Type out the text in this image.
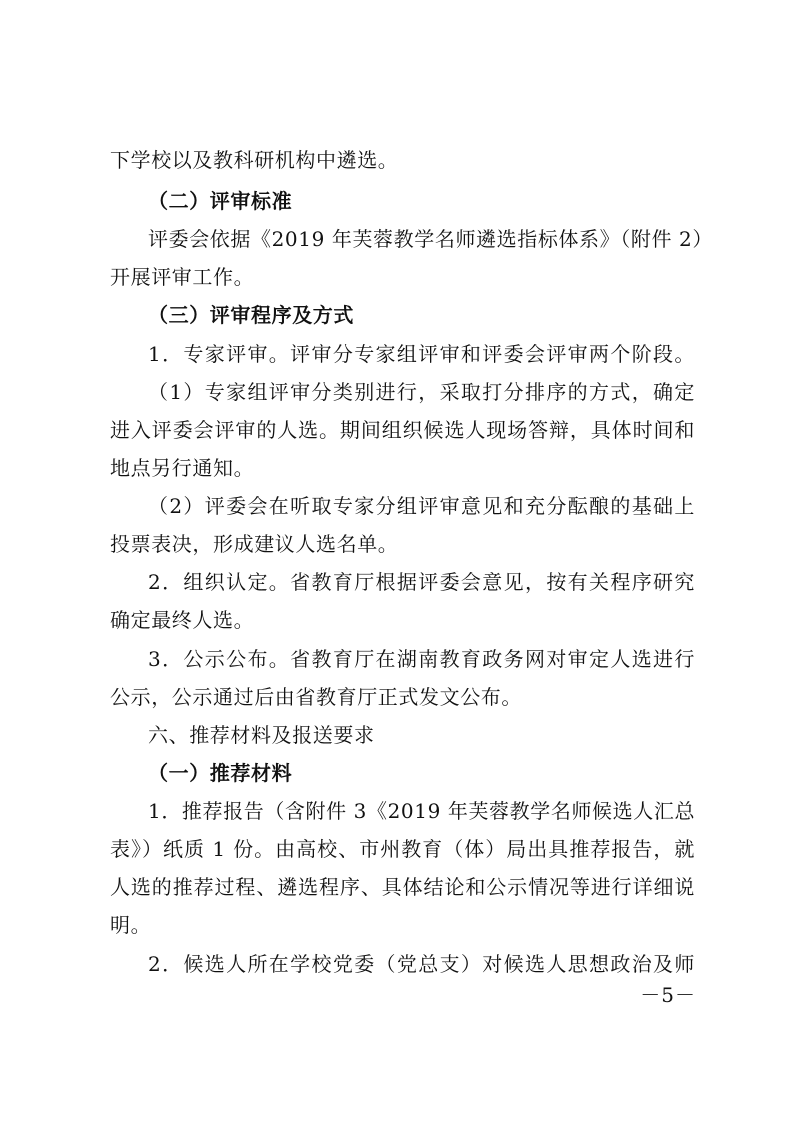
下学校以及教科研机构中遴选。
（二）评审标准
评委会依据《2019 年芙蓉教学名师遴选指标体系》（附件 2）
开展评审工作。
（三）评审程序及方式
1．专家评审。评审分专家组评审和评委会评审两个阶段。
（1）专家组评审分类别进行，采取打分排序的方式，确定
进入评委会评审的人选。期间组织候选人现场答辩，具体时间和
地点另行通知。
（2）评委会在听取专家分组评审意见和充分酝酿的基础上
投票表决，形成建议人选名单。
2．组织认定。省教育厅根据评委会意见，按有关程序研究
确定最终人选。
3．公示公布。省教育厅在湖南教育政务网对审定人选进行
公示，公示通过后由省教育厅正式发文公布。
六、推荐材料及报送要求
（一）推荐材料
1．推荐报告（含附件 3《2019 年芙蓉教学名师候选人汇总
表》）纸质 1 份。由高校、市州教育（体）局出具推荐报告，就
人选的推荐过程、遴选程序、具体结论和公示情况等进行详细说
明。
2．候选人所在学校党委（党总支）对候选人思想政治及师
－5－
